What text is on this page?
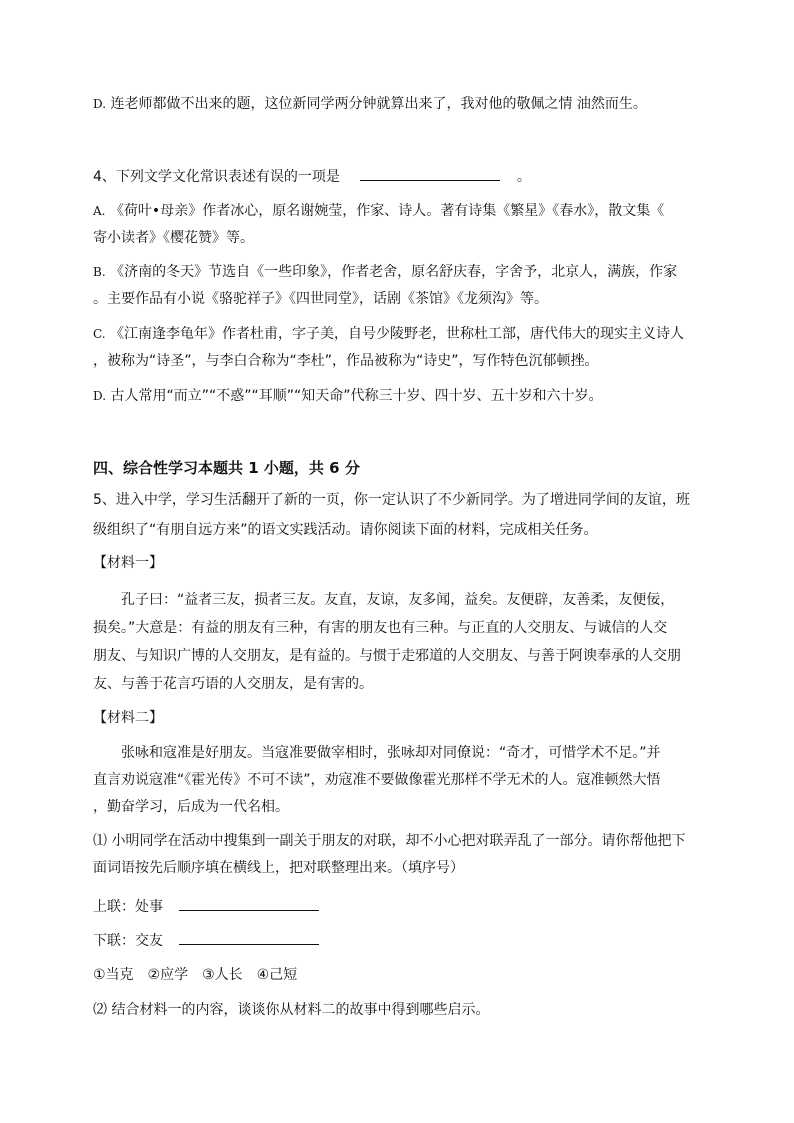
D. 连老师都做不出来的题，这位新同学两分钟就算出来了，我对他的敬佩之情 油然而生。
4、下列文学文化常识表述有误的一项是	。
A. 《荷叶•母亲》作者冰心，原名谢婉莹，作家、诗人。著有诗集《繁星》《春水》，散文集《
寄小读者》《樱花赞》等。
B. 《济南的冬天》节选自《一些印象》，作者老舍，原名舒庆春，字舍予，北京人，满族，作家
。主要作品有小说《骆驼祥子》《四世同堂》，话剧《茶馆》《龙须沟》等。
C. 《江南逢李龟年》作者杜甫，字子美，自号少陵野老，世称杜工部，唐代伟大的现实主义诗人
，被称为“诗圣”，与李白合称为“李杜”，作品被称为“诗史”，写作特色沉郁顿挫。
D. 古人常用“而立”“不惑”“耳顺”“知天命”代称三十岁、四十岁、五十岁和六十岁。
四、综合性学习本题共 1 小题，共 6 分
5、进入中学，学习生活翻开了新的一页，你一定认识了不少新同学。为了增进同学间的友谊，班
级组织了“有朋自远方来”的语文实践活动。请你阅读下面的材料，完成相关任务。
【材料一】
孔子曰：“益者三友，损者三友。友直，友谅，友多闻，益矣。友便辟，友善柔，友便佞，
损矣。”大意是：有益的朋友有三种，有害的朋友也有三种。与正直的人交朋友、与诚信的人交
朋友、与知识广博的人交朋友，是有益的。与惯于走邪道的人交朋友、与善于阿谀奉承的人交朋
友、与善于花言巧语的人交朋友，是有害的。
【材料二】
张咏和寇准是好朋友。当寇准要做宰相时，张咏却对同僚说：“奇才，可惜学术不足。”并
直言劝说寇准“《霍光传》不可不读”，劝寇准不要做像霍光那样不学无术的人。寇准顿然大悟
，勤奋学习，后成为一代名相。
⑴ 小明同学在活动中搜集到一副关于朋友的对联，却不小心把对联弄乱了一部分。请你帮他把下
面词语按先后顺序填在横线上，把对联整理出来。（填序号）
上联：处事
下联：交友
①当克　②应学　③人长　④己短
⑵ 结合材料一的内容，谈谈你从材料二的故事中得到哪些启示。
